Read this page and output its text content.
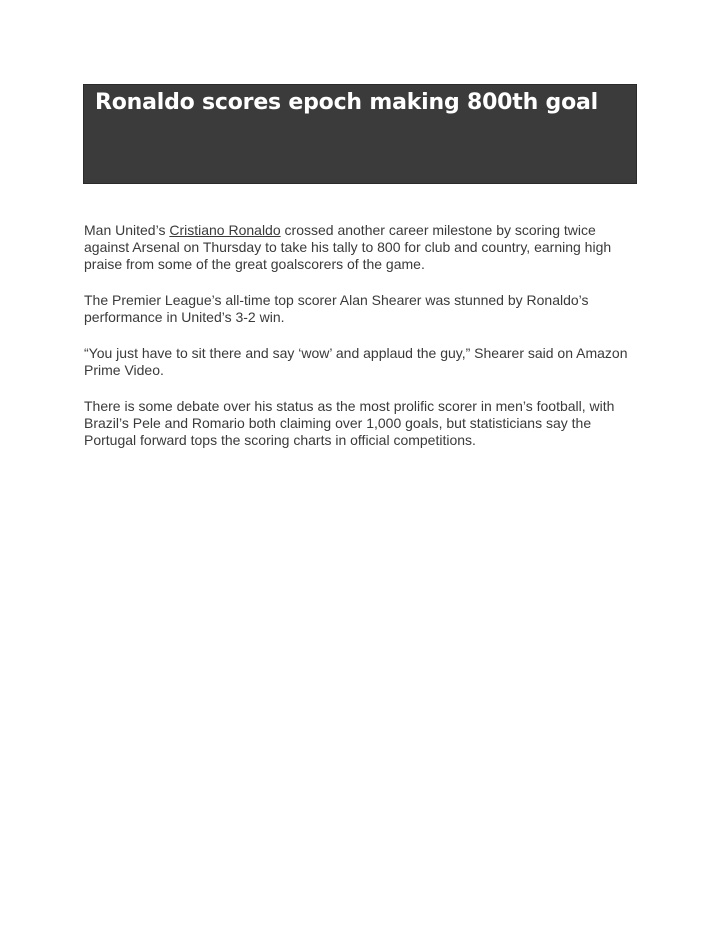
Ronaldo scores epoch making 800th goal

Man United’s Cristiano Ronaldo crossed another career milestone by scoring twice against Arsenal on Thursday to take his tally to 800 for club and country, earning high praise from some of the great goalscorers of the game.

The Premier League’s all-time top scorer Alan Shearer was stunned by Ronaldo’s performance in United’s 3-2 win.

“You just have to sit there and say ‘wow’ and applaud the guy,” Shearer said on Amazon Prime Video.

There is some debate over his status as the most prolific scorer in men’s football, with Brazil’s Pele and Romario both claiming over 1,000 goals, but statisticians say the Portugal forward tops the scoring charts in official competitions.
